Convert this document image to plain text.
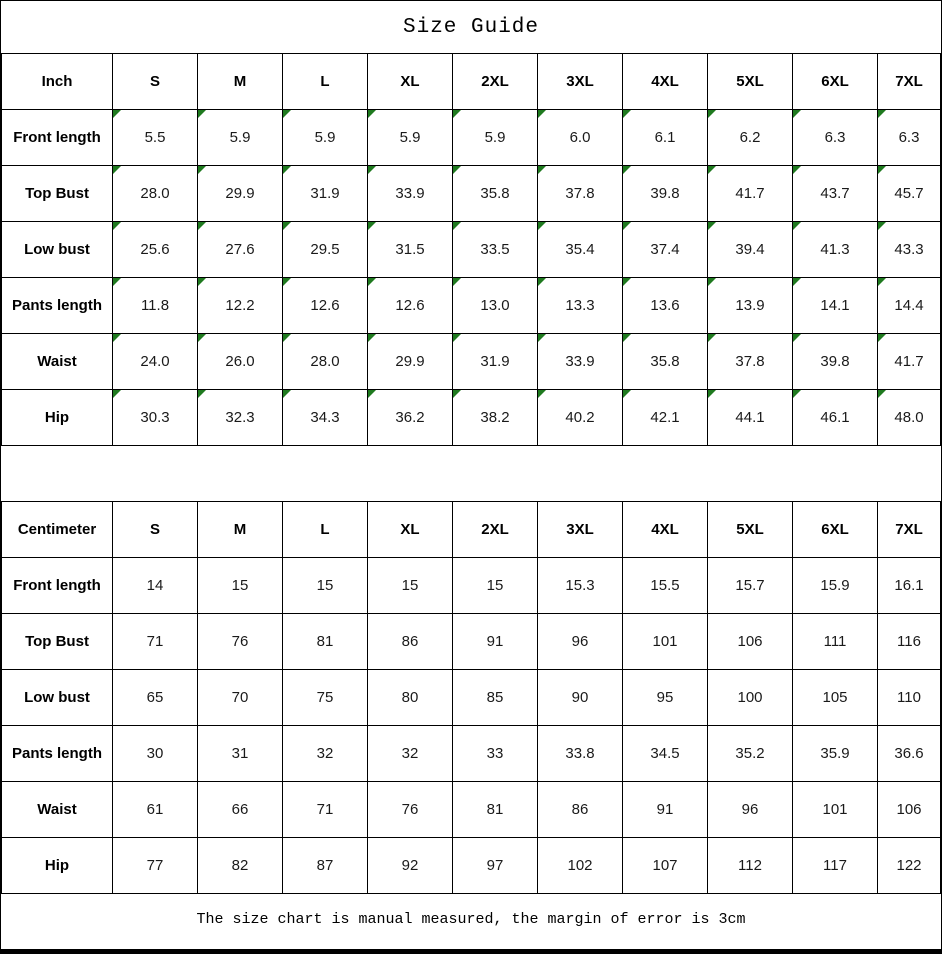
Size Guide
Inch	S	M	L	XL	2XL	3XL	4XL	5XL	6XL	7XL
Front length	5.5	5.9	5.9	5.9	5.9	6.0	6.1	6.2	6.3	6.3
Top Bust	28.0	29.9	31.9	33.9	35.8	37.8	39.8	41.7	43.7	45.7
Low bust	25.6	27.6	29.5	31.5	33.5	35.4	37.4	39.4	41.3	43.3
Pants length	11.8	12.2	12.6	12.6	13.0	13.3	13.6	13.9	14.1	14.4
Waist	24.0	26.0	28.0	29.9	31.9	33.9	35.8	37.8	39.8	41.7
Hip	30.3	32.3	34.3	36.2	38.2	40.2	42.1	44.1	46.1	48.0
Centimeter	S	M	L	XL	2XL	3XL	4XL	5XL	6XL	7XL
Front length	14	15	15	15	15	15.3	15.5	15.7	15.9	16.1
Top Bust	71	76	81	86	91	96	101	106	111	116
Low bust	65	70	75	80	85	90	95	100	105	110
Pants length	30	31	32	32	33	33.8	34.5	35.2	35.9	36.6
Waist	61	66	71	76	81	86	91	96	101	106
Hip	77	82	87	92	97	102	107	112	117	122
The size chart is manual measured, the margin of error is 3cm
